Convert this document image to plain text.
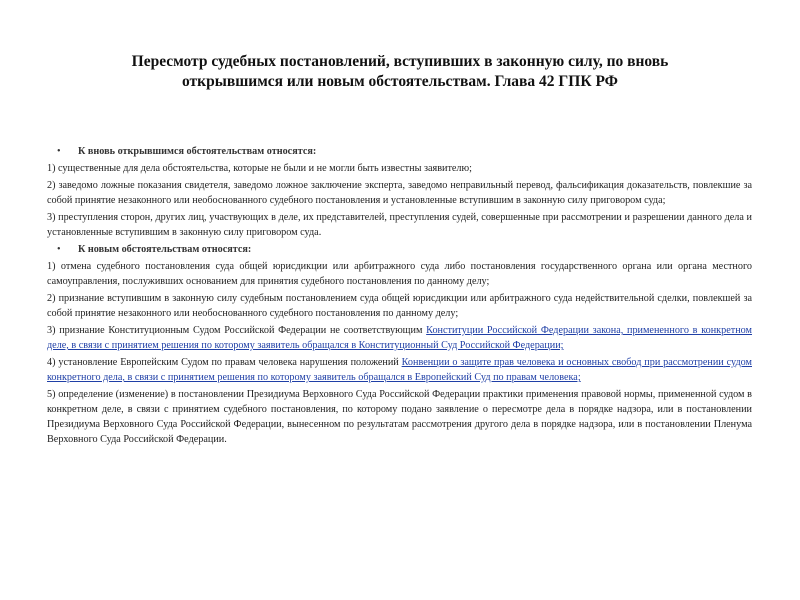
Пересмотр судебных постановлений, вступивших в законную силу, по вновь
открывшимся или новым обстоятельствам. Глава 42 ГПК РФ
• К вновь открывшимся обстоятельствам относятся:

1) существенные для дела обстоятельства, которые не были и не могли быть известны заявителю;

2) заведомо ложные показания свидетеля, заведомо ложное заключение эксперта, заведомо неправильный перевод, фальсификация доказательств, повлекшие за собой принятие незаконного или необоснованного судебного постановления и установленные вступившим в законную силу приговором суда;

3) преступления сторон, других лиц, участвующих в деле, их представителей, преступления судей, совершенные при рассмотрении и разрешении данного дела и установленные вступившим в законную силу приговором суда.

• К новым обстоятельствам относятся:

1) отмена судебного постановления суда общей юрисдикции или арбитражного суда либо постановления государственного органа или органа местного самоуправления, послуживших основанием для принятия судебного постановления по данному делу;

2) признание вступившим в законную силу судебным постановлением суда общей юрисдикции или арбитражного суда недействительной сделки, повлекшей за собой принятие незаконного или необоснованного судебного постановления по данному делу;

3) признание Конституционным Судом Российской Федерации не соответствующим Конституции Российской Федерации закона, примененного в конкретном деле, в связи с принятием решения по которому заявитель обращался в Конституционный Суд Российской Федерации;

4) установление Европейским Судом по правам человека нарушения положений Конвенции о защите прав человека и основных свобод при рассмотрении судом конкретного дела, в связи с принятием решения по которому заявитель обращался в Европейский Суд по правам человека;

5) определение (изменение) в постановлении Президиума Верховного Суда Российской Федерации практики применения правовой нормы, примененной судом в конкретном деле, в связи с принятием судебного постановления, по которому подано заявление о пересмотре дела в порядке надзора, или в постановлении Президиума Верховного Суда Российской Федерации, вынесенном по результатам рассмотрения другого дела в порядке надзора, или в постановлении Пленума Верховного Суда Российской Федерации.
